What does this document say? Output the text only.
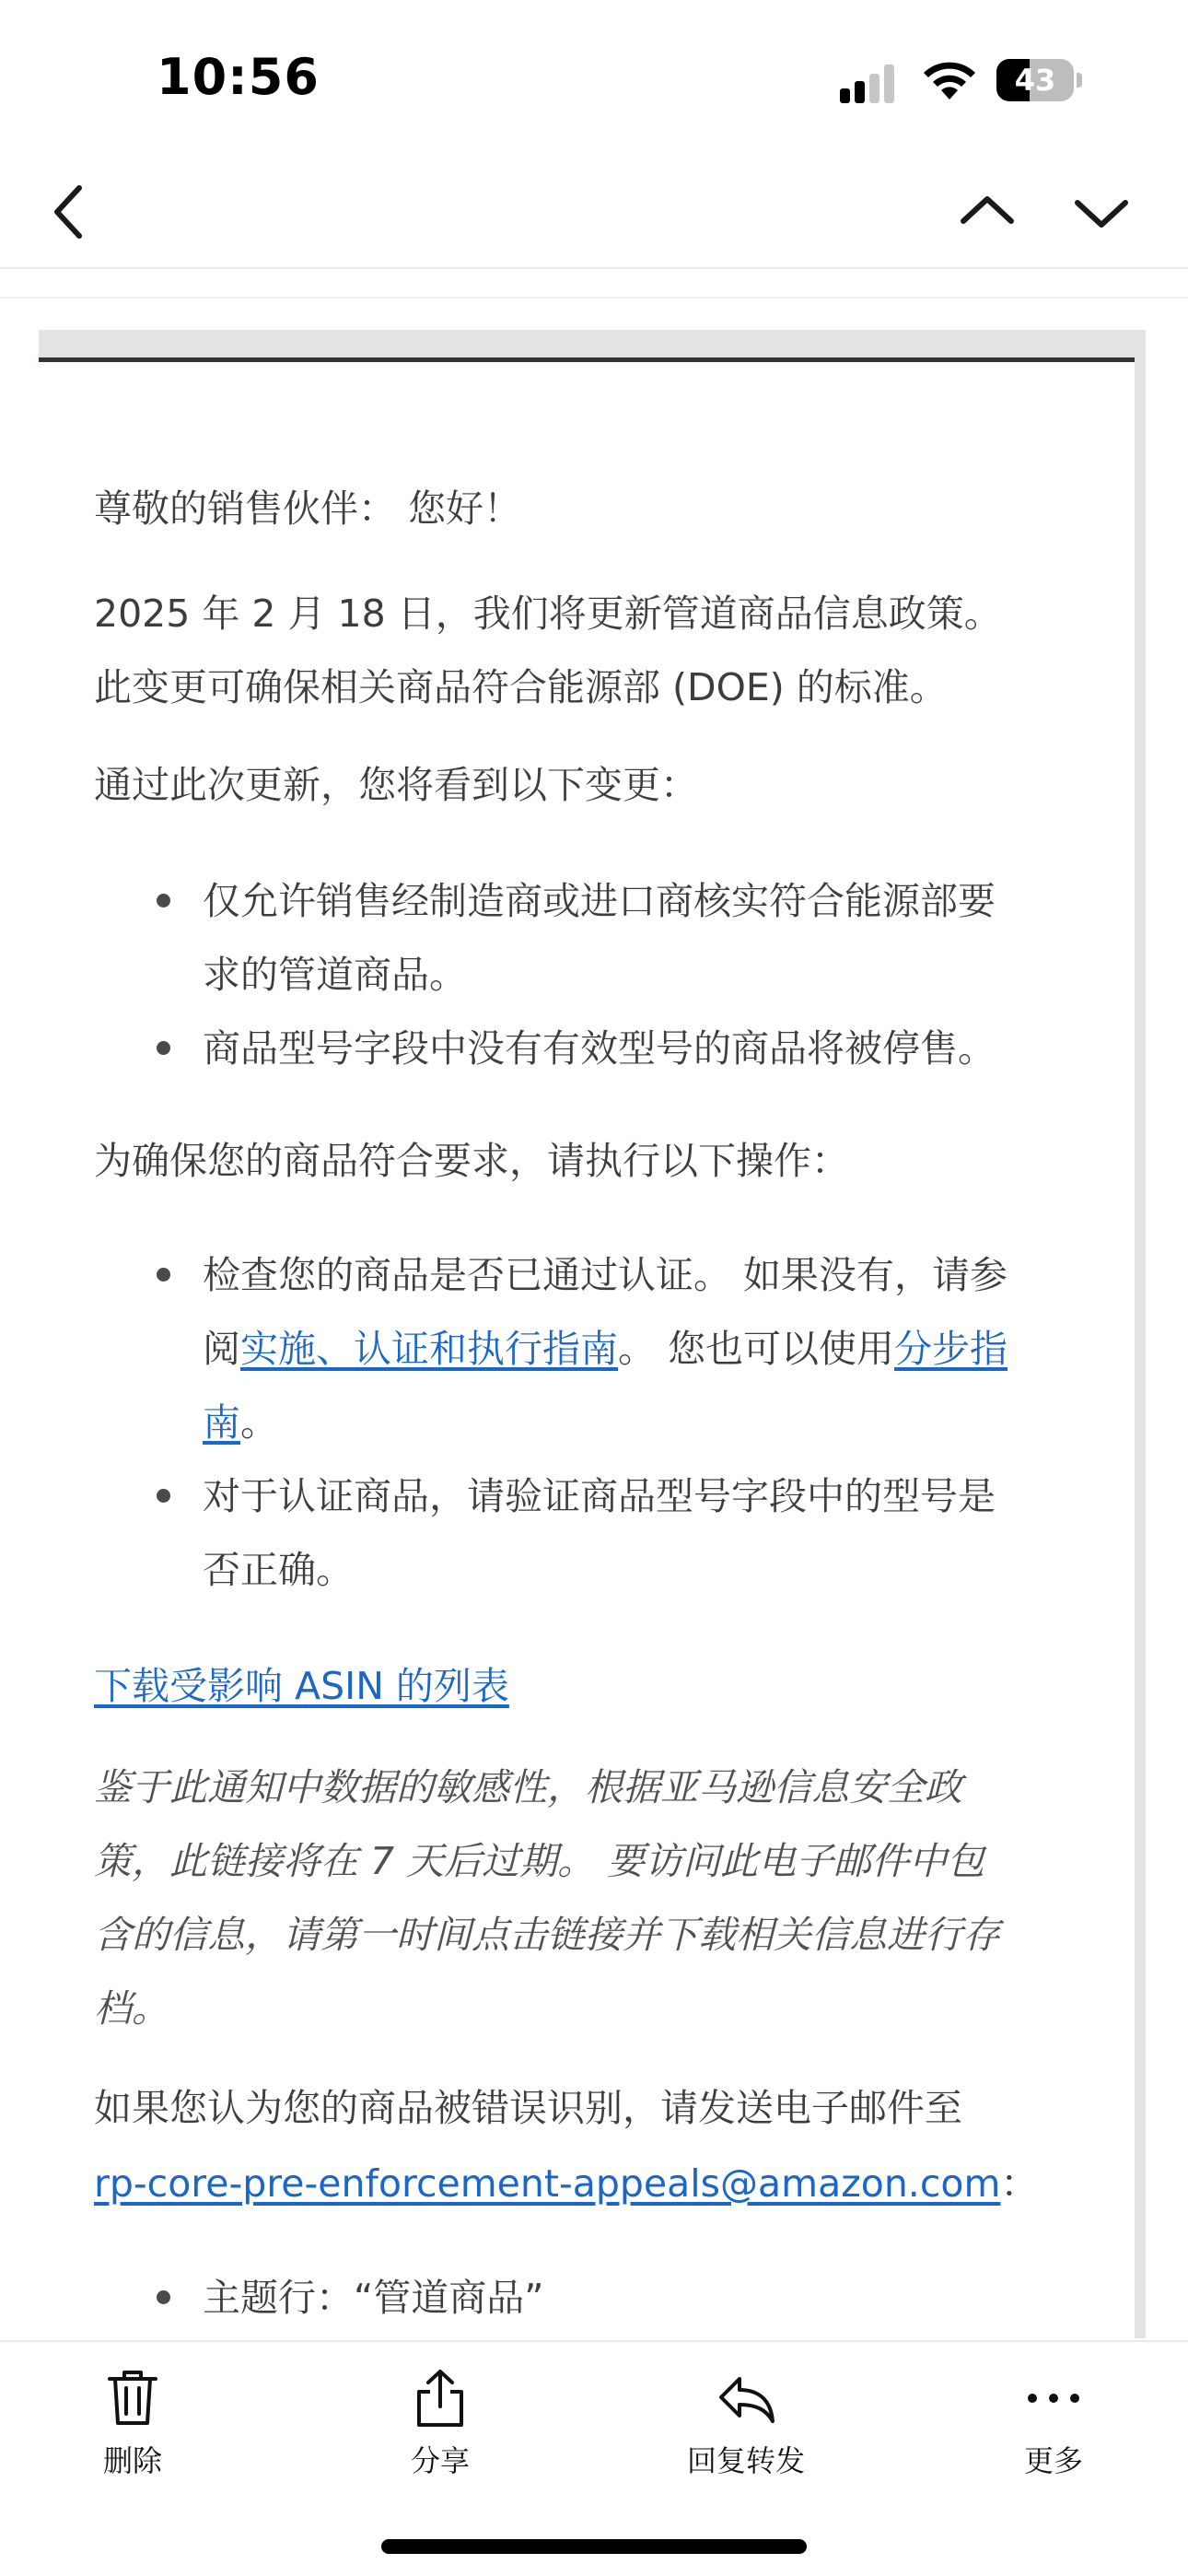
10:56	43
尊敬的销售伙伴： 您好！
2025 年 2 月 18 日，我们将更新管道商品信息政策。
此变更可确保相关商品符合能源部 (DOE) 的标准。
通过此次更新，您将看到以下变更：
仅允许销售经制造商或进口商核实符合能源部要
求的管道商品。
商品型号字段中没有有效型号的商品将被停售。
为确保您的商品符合要求，请执行以下操作：
检查您的商品是否已通过认证。 如果没有，请参
阅实施、认证和执行指南。 您也可以使用分步指
南。
对于认证商品，请验证商品型号字段中的型号是
否正确。
下载受影响 ASIN 的列表
鉴于此通知中数据的敏感性，根据亚马逊信息安全政
策，此链接将在 7 天后过期。 要访问此电子邮件中包
含的信息，请第一时间点击链接并下载相关信息进行存
档。
如果您认为您的商品被错误识别，请发送电子邮件至
rp-core-pre-enforcement-appeals@amazon.com：
主题行：“管道商品”
删除	分享	回复转发	更多
